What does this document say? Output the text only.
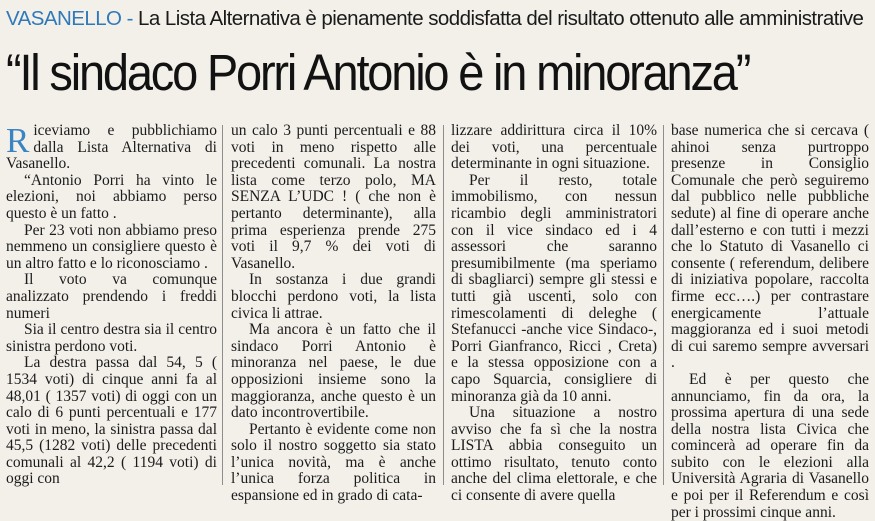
VASANELLO - La Lista Alternativa è pienamente soddisfatta del risultato ottenuto alle amministrative
“Il sindaco Porri Antonio è in minoranza”

Riceviamo e pubblichiamo dalla Lista Alternativa di Vasanello.

“Antonio Porri ha vinto le elezioni, noi abbiamo perso questo è un fatto .

Per 23 voti non abbiamo preso nemmeno un consigliere questo è un altro fatto e lo riconosciamo .

Il voto va comunque analizzato prendendo i freddi numeri

Sia il centro destra sia il centro sinistra perdono voti.

La destra passa dal 54, 5 ( 1534 voti) di cinque anni fa al 48,01 ( 1357 voti) di oggi con un calo di 6 punti percentuali e 177 voti in meno, la sinistra passa dal 45,5 (1282 voti) delle precedenti comunali al 42,2 ( 1194 voti) di oggi con

un calo 3 punti percentuali e 88 voti in meno rispetto alle precedenti comunali. La nostra lista come terzo polo, MA SENZA L’UDC ! ( che non è pertanto determinante), alla prima esperienza prende 275 voti il 9,7 % dei voti di Vasanello.

In sostanza i due grandi blocchi perdono voti, la lista civica li attrae.

Ma ancora è un fatto che il sindaco Porri Antonio è minoranza nel paese, le due opposizioni insieme sono la maggioranza, anche questo è un dato incontrovertibile.

Pertanto è evidente come non solo il nostro soggetto sia stato l’unica novità, ma è anche l’unica forza politica in espansione ed in grado di cata-

lizzare addirittura circa il 10% dei voti, una percentuale determinante in ogni situazione.

Per il resto, totale immobilismo, con nessun ricambio degli amministratori con il vice sindaco ed i 4 assessori che saranno presumibilmente (ma speriamo di sbagliarci) sempre gli stessi e tutti già uscenti, solo con rimescolamenti di deleghe ( Stefanucci -anche vice Sindaco-, Porri Gianfranco, Ricci , Creta) e la stessa opposizione con a capo Squarcia, consigliere di minoranza già da 10 anni.

Una situazione a nostro avviso che fa sì che la nostra LISTA abbia conseguito un ottimo risultato, tenuto conto anche del clima elettorale, e che ci consente di avere quella

base numerica che si cercava ( ahinoi senza purtroppo presenze in Consiglio Comunale che però seguiremo dal pubblico nelle pubbliche sedute) al fine di operare anche dall’esterno e con tutti i mezzi che lo Statuto di Vasanello ci consente ( referendum, delibere di iniziativa popolare, raccolta firme ecc….) per contrastare energicamente l’attuale maggioranza ed i suoi metodi di cui saremo sempre avversari .

Ed è per questo che annunciamo, fin da ora, la prossima apertura di una sede della nostra lista Civica che comincerà ad operare fin da subito con le elezioni alla Università Agraria di Vasanello e poi per il Referendum e così per i prossimi cinque anni.
